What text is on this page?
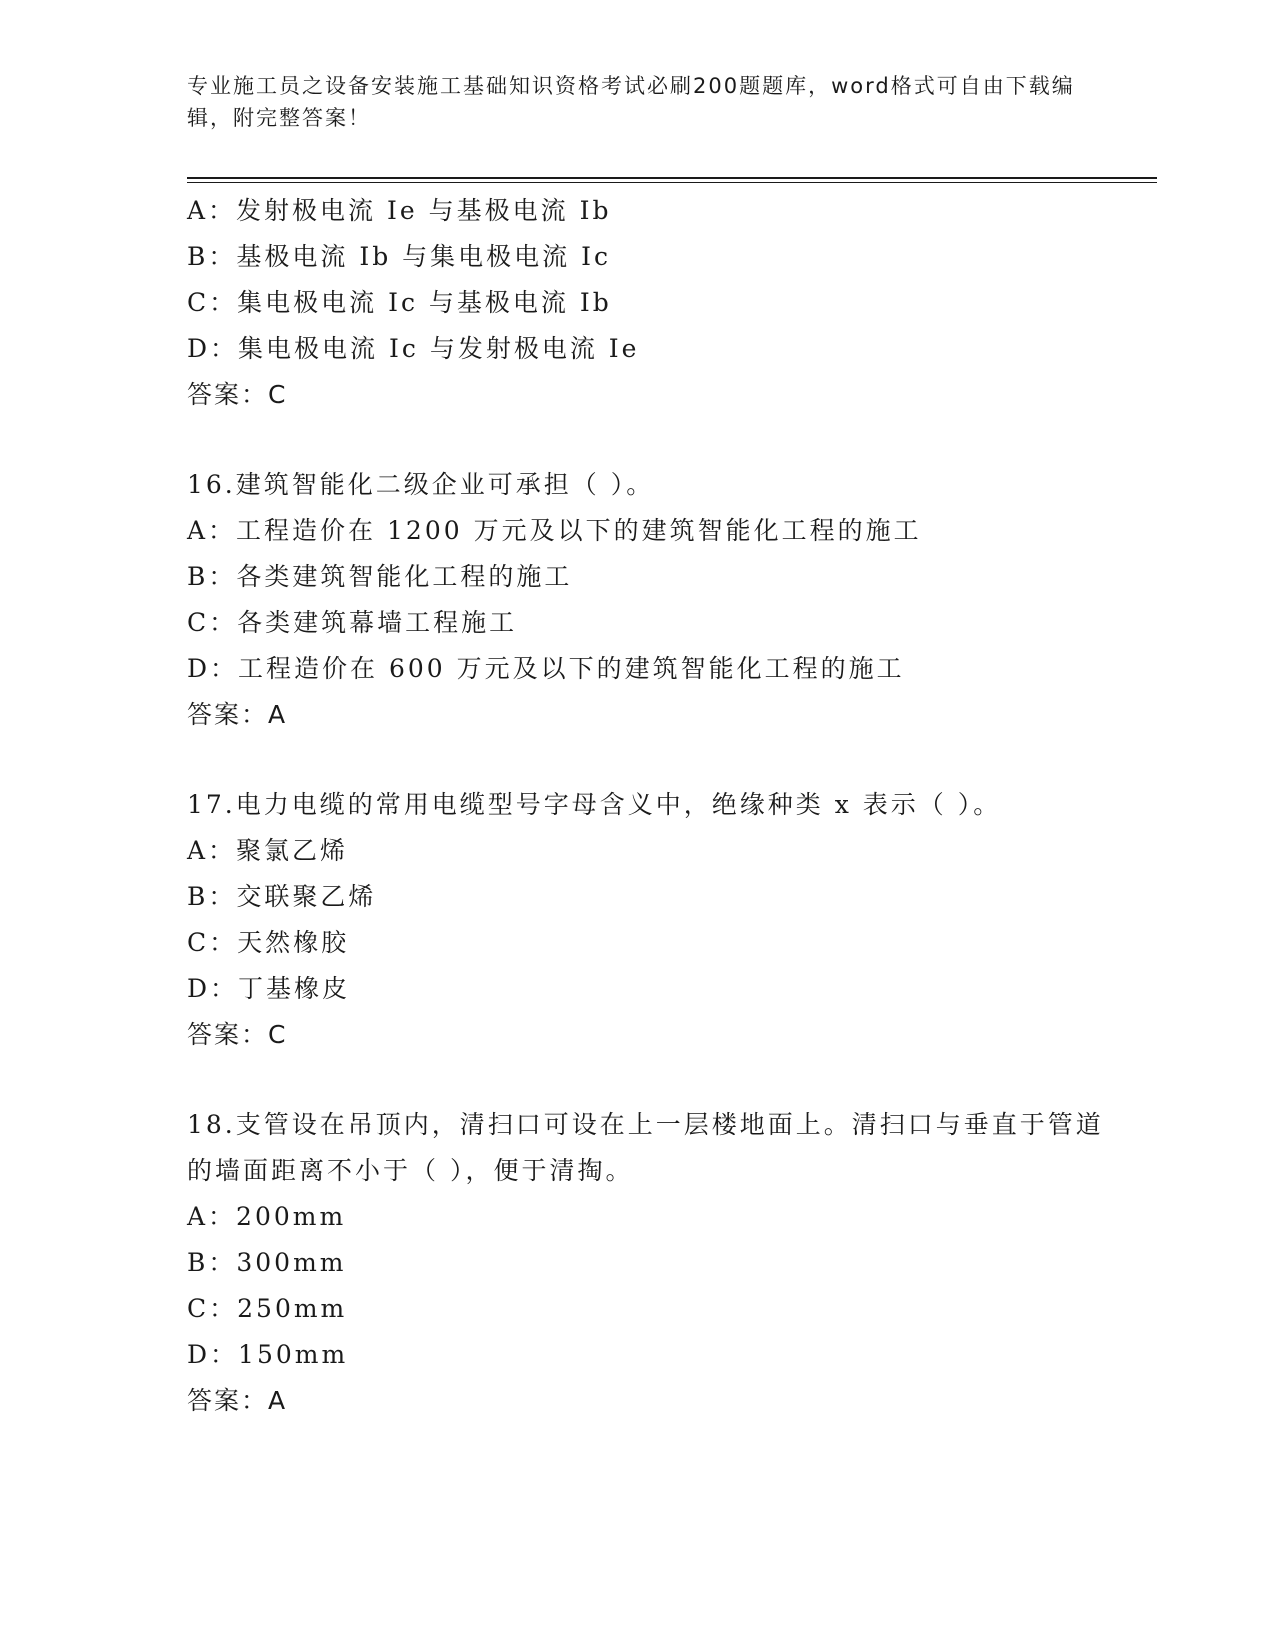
专业施工员之设备安装施工基础知识资格考试必刷200题题库，word格式可自由下载编辑，附完整答案！
A：发射极电流 Ie 与基极电流 Ib
B：基极电流 Ib 与集电极电流 Ic
C：集电极电流 Ic 与基极电流 Ib
D：集电极电流 Ic 与发射极电流 Ie
答案：C
16.建筑智能化二级企业可承担（ ）。
A：工程造价在 1200 万元及以下的建筑智能化工程的施工
B：各类建筑智能化工程的施工
C：各类建筑幕墙工程施工
D：工程造价在 600 万元及以下的建筑智能化工程的施工
答案：A
17.电力电缆的常用电缆型号字母含义中，绝缘种类 x 表示（ ）。
A：聚氯乙烯
B：交联聚乙烯
C：天然橡胶
D：丁基橡皮
答案：C
18.支管设在吊顶内，清扫口可设在上一层楼地面上。清扫口与垂直于管道的墙面距离不小于（ ），便于清掏。
A：200mm
B：300mm
C：250mm
D：150mm
答案：A
